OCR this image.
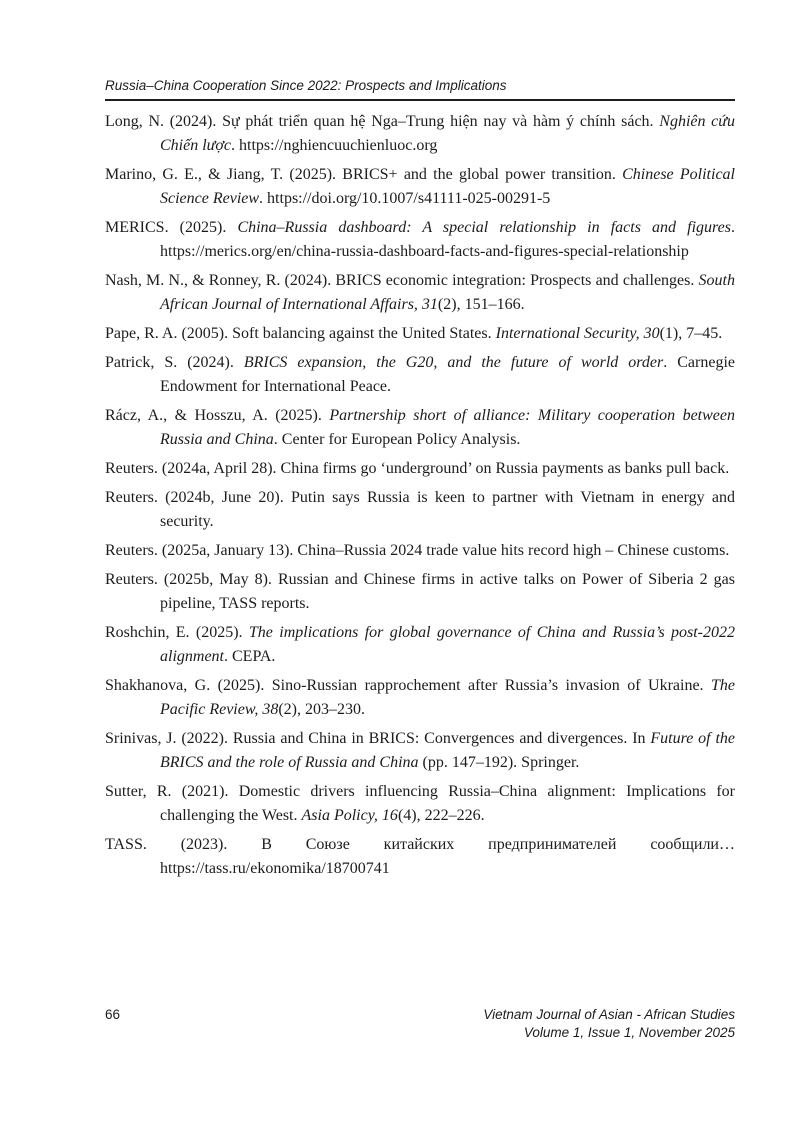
Russia–China Cooperation Since 2022: Prospects and Implications

Long, N. (2024). Sự phát triển quan hệ Nga–Trung hiện nay và hàm ý chính sách. Nghiên cứu Chiến lược. https://nghiencuuchienluoc.org

Marino, G. E., & Jiang, T. (2025). BRICS+ and the global power transition. Chinese Political Science Review. https://doi.org/10.1007/s41111-025-00291-5

MERICS. (2025). China–Russia dashboard: A special relationship in facts and figures. https://merics.org/en/china-russia-dashboard-facts-and-figures-special-relationship

Nash, M. N., & Ronney, R. (2024). BRICS economic integration: Prospects and challenges. South African Journal of International Affairs, 31(2), 151–166.

Pape, R. A. (2005). Soft balancing against the United States. International Security, 30(1), 7–45.

Patrick, S. (2024). BRICS expansion, the G20, and the future of world order. Carnegie Endowment for International Peace.

Rácz, A., & Hosszu, A. (2025). Partnership short of alliance: Military cooperation between Russia and China. Center for European Policy Analysis.

Reuters. (2024a, April 28). China firms go ‘underground’ on Russia payments as banks pull back.

Reuters. (2024b, June 20). Putin says Russia is keen to partner with Vietnam in energy and security.

Reuters. (2025a, January 13). China–Russia 2024 trade value hits record high – Chinese customs.

Reuters. (2025b, May 8). Russian and Chinese firms in active talks on Power of Siberia 2 gas pipeline, TASS reports.

Roshchin, E. (2025). The implications for global governance of China and Russia’s post-2022 alignment. CEPA.

Shakhanova, G. (2025). Sino-Russian rapprochement after Russia’s invasion of Ukraine. The Pacific Review, 38(2), 203–230.

Srinivas, J. (2022). Russia and China in BRICS: Convergences and divergences. In Future of the BRICS and the role of Russia and China (pp. 147–192). Springer.

Sutter, R. (2021). Domestic drivers influencing Russia–China alignment: Implications for challenging the West. Asia Policy, 16(4), 222–226.

TASS. (2023). В Союзе китайских предпринимателей сообщили… https://tass.ru/ekonomika/18700741

66	Vietnam Journal of Asian - African Studies
Volume 1, Issue 1, November 2025
